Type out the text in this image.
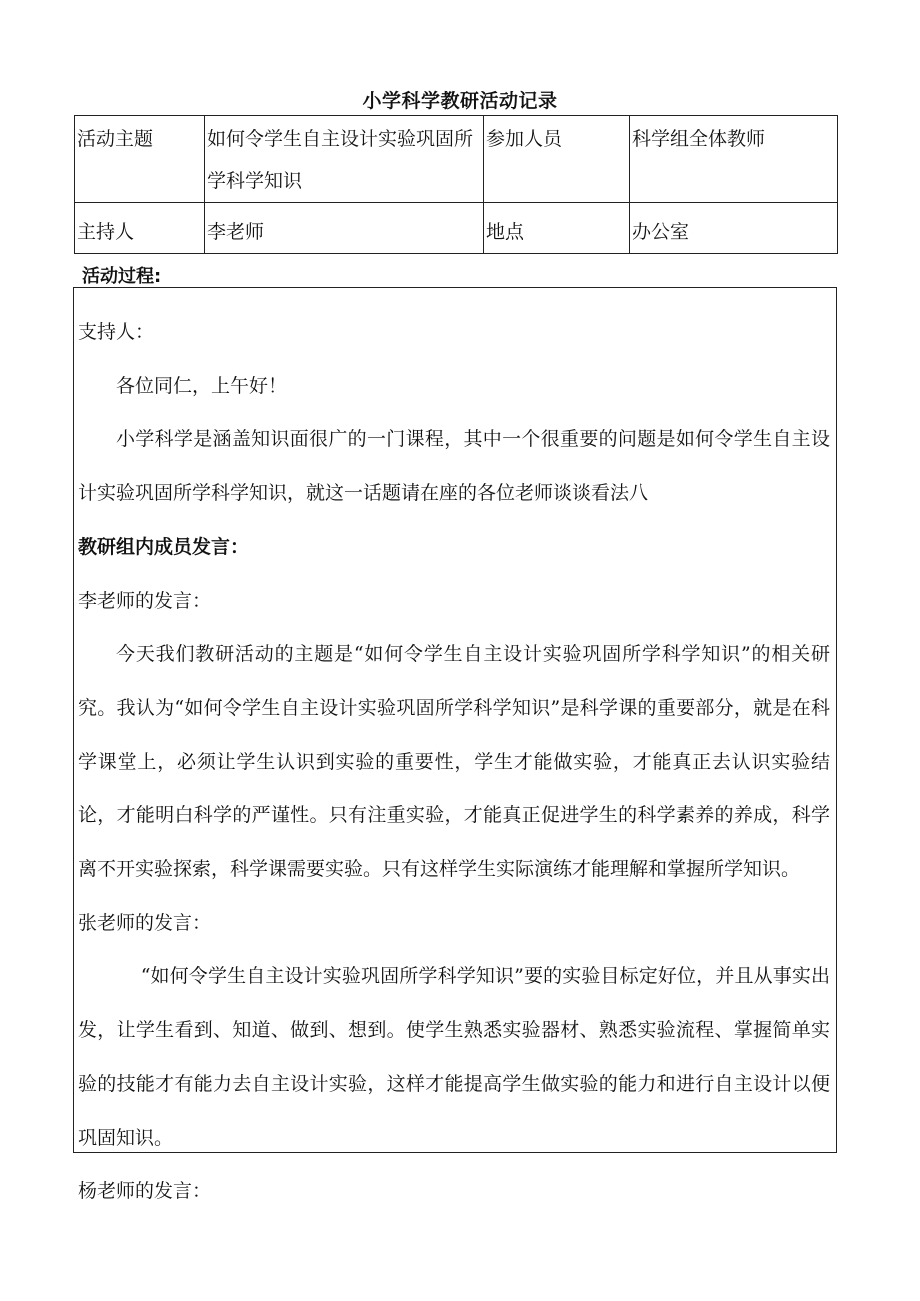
小学科学教研活动记录
活动主题	如何令学生自主设计实验巩固所学科学知识	参加人员	科学组全体教师
主持人	李老师	地点	办公室
活动过程:

支持人：

各位同仁，上午好！

小学科学是涵盖知识面很广的一门课程，其中一个很重要的问题是如何令学生自主设计实验巩固所学科学知识，就这一话题请在座的各位老师谈谈看法八

教研组内成员发言：

李老师的发言：

今天我们教研活动的主题是“如何令学生自主设计实验巩固所学科学知识”的相关研究。我认为“如何令学生自主设计实验巩固所学科学知识”是科学课的重要部分，就是在科学课堂上，必须让学生认识到实验的重要性，学生才能做实验，才能真正去认识实验结论，才能明白科学的严谨性。只有注重实验，才能真正促进学生的科学素养的养成，科学离不开实验探索，科学课需要实验。只有这样学生实际演练才能理解和掌握所学知识。

张老师的发言：

“如何令学生自主设计实验巩固所学科学知识”要的实验目标定好位，并且从事实出发，让学生看到、知道、做到、想到。使学生熟悉实验器材、熟悉实验流程、掌握简单实验的技能才有能力去自主设计实验，这样才能提高学生做实验的能力和进行自主设计以便巩固知识。

杨老师的发言：
